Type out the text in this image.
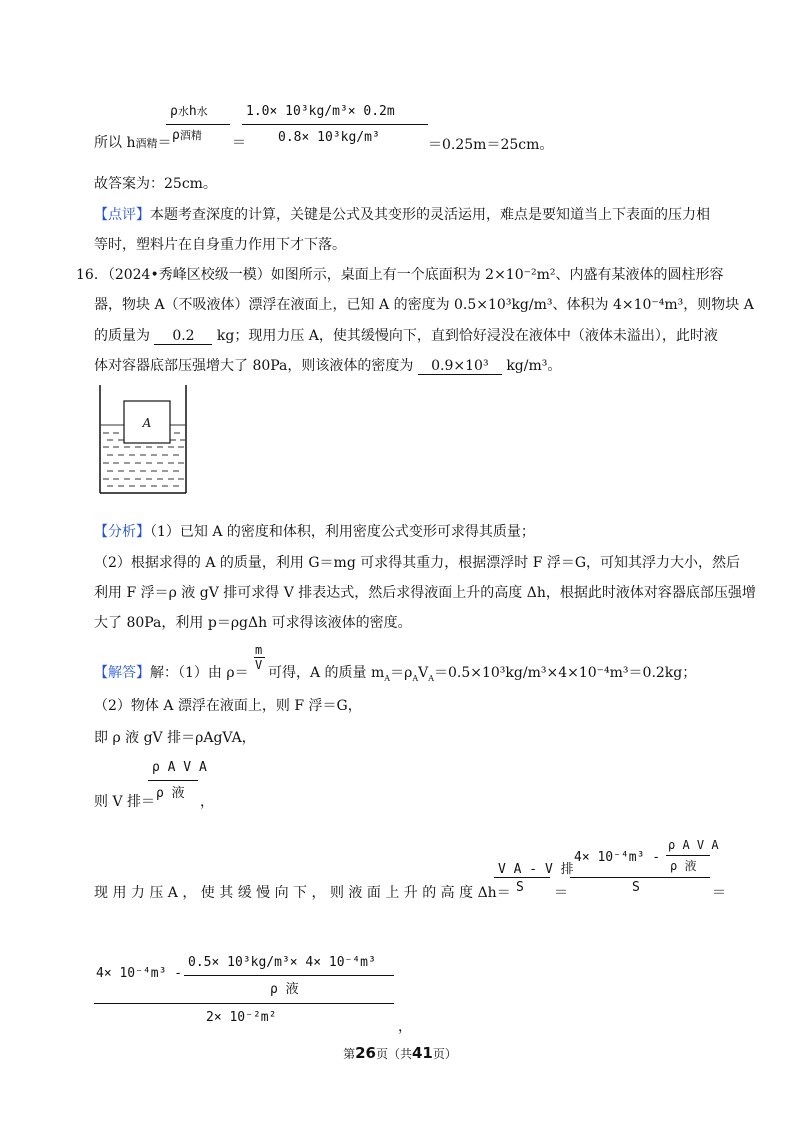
ρ水h水
ρ酒精
所以 h酒精＝	＝
1.0× 10³kg/m³× 0.2m
0.8× 10³kg/m³	＝0.25m＝25cm。
故答案为：25cm。
【点评】本题考查深度的计算，关键是公式及其变形的灵活运用，难点是要知道当上下表面的压力相
等时，塑料片在自身重力作用下才下落。
16．（2024•秀峰区校级一模）如图所示，桌面上有一个底面积为 2×10⁻²m²、内盛有某液体的圆柱形容
器，物块 A（不吸液体）漂浮在液面上，已知 A 的密度为 0.5×10³kg/m³、体积为 4×10⁻⁴m³，则物块 A
的质量为 0.2 kg；现用力压 A，使其缓慢向下，直到恰好浸没在液体中（液体未溢出），此时液
体对容器底部压强增大了 80Pa，则该液体的密度为 0.9×10³ kg/m³。
A
【分析】（1）已知 A 的密度和体积，利用密度公式变形可求得其质量；
（2）根据求得的 A 的质量，利用 G＝mg 可求得其重力，根据漂浮时 F 浮＝G，可知其浮力大小，然后
利用 F 浮＝ρ 液 gV 排可求得 V 排表达式，然后求得液面上升的高度 Δh，根据此时液体对容器底部压强增
大了 80Pa，利用 p＝ρgΔh 可求得该液体的密度。
【解答】解：（1）由 ρ＝
m
V 可得，A 的质量 $m_A=\rho_AV_A=0.5\times 10^3kg/m^3\times 4\times 10^{-4}m^3=0.2kg$；
（2）物体 A 漂浮在液面上，则 F 浮＝G，
即 ρ 液 gV 排＝ρAgVA，
则 V 排＝
ρ A V A
ρ 液
，
现 用 力 压 A ， 使 其 缓 慢 向 下 ， 则 液 面 上 升 的 高 度 Δh＝
V A - V 排
S ＝
4× 10⁻⁴m³ -
ρ A V A
ρ 液
S	＝
4× 10⁻⁴m³ -
0.5× 10³kg/m³× 4× 10⁻⁴m³
ρ 液
2× 10⁻²m²
，
第26页（共41页）
